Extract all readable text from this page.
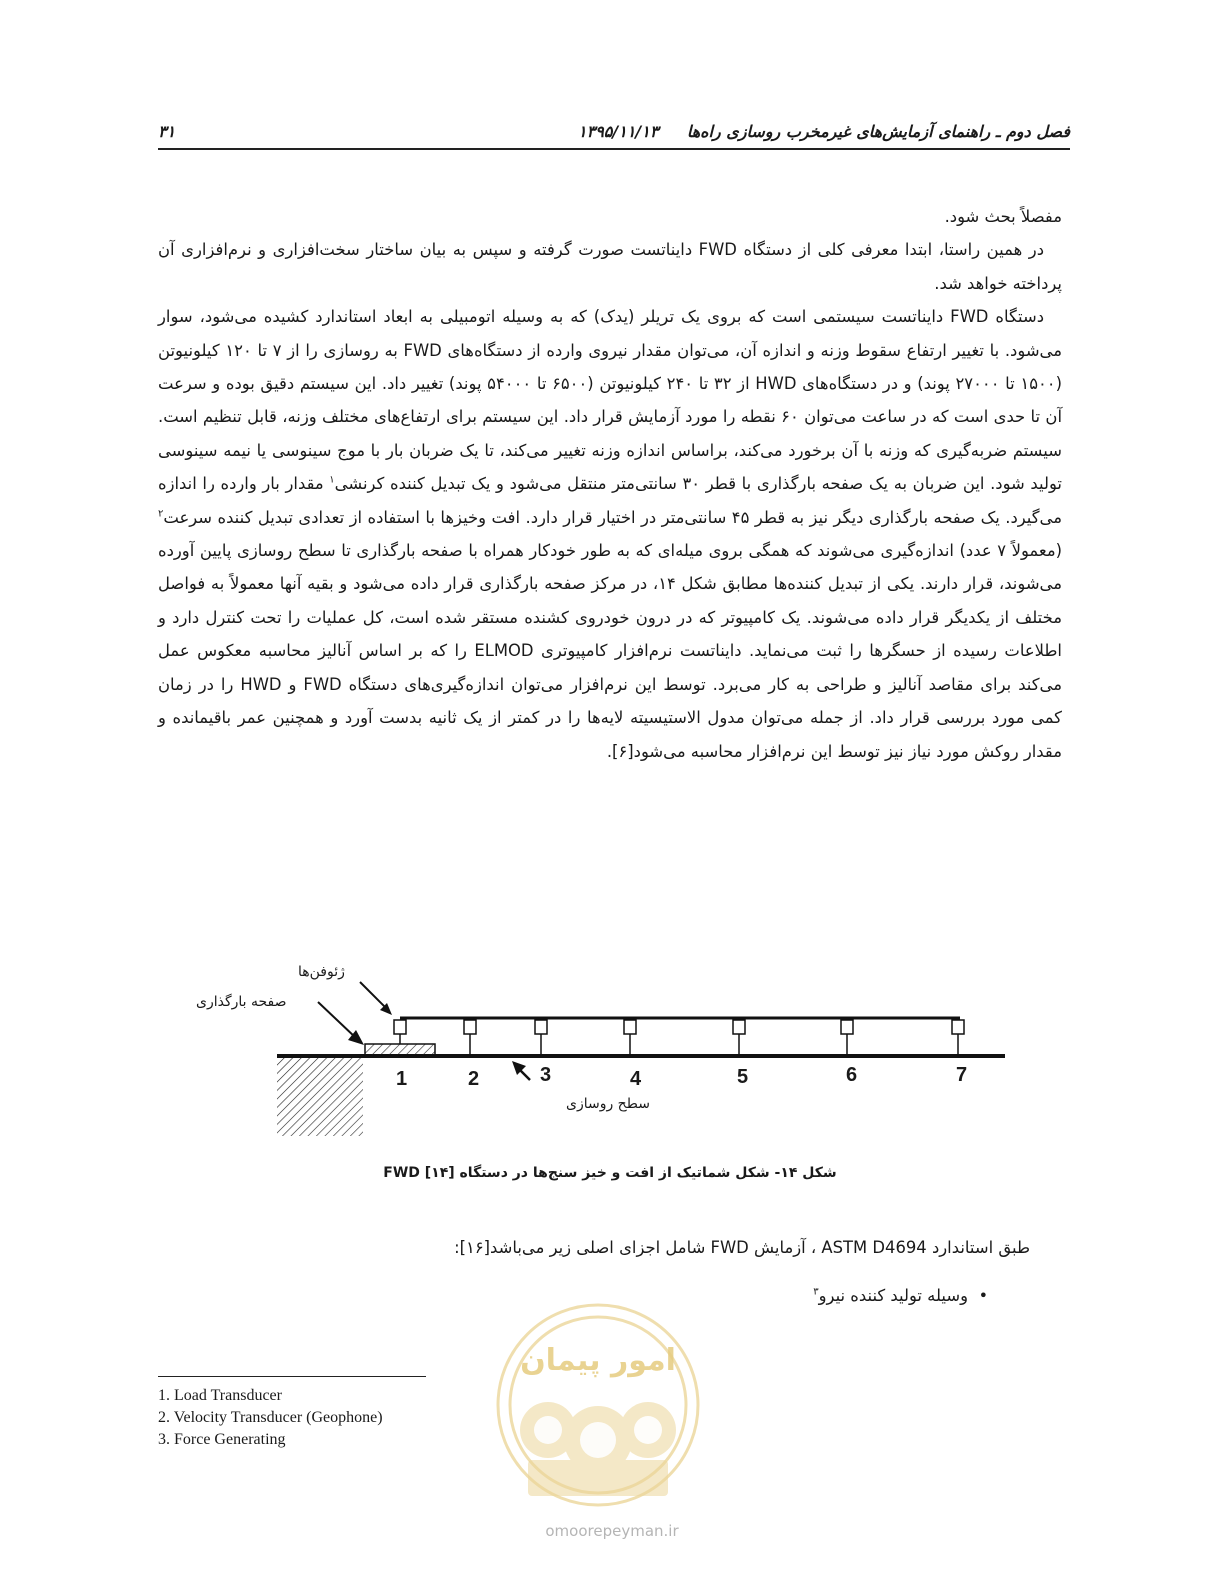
فصل دوم ـ راهنمای آزمایش‌های غیرمخرب روسازی راه‌ها
۱۳۹۵/۱۱/۱۳
۳۱

مفصلاً بحث شود.

در همین راستا، ابتدا معرفی کلی از دستگاه FWD دایناتست صورت گرفته و سپس به بیان ساختار سخت‌افزاری و نرم‌افزاری آن پرداخته خواهد شد.

دستگاه FWD دایناتست سیستمی است که بروی یک تریلر (یدک) که به وسیله اتومبیلی به ابعاد استاندارد کشیده می‌شود، سوار می‌شود. با تغییر ارتفاع سقوط وزنه و اندازه آن، می‌توان مقدار نیروی وارده از دستگاه‌های FWD به روسازی را از ۷ تا ۱۲۰ کیلونیوتن (۱۵۰۰ تا ۲۷۰۰۰ پوند) و در دستگاه‌های HWD از ۳۲ تا ۲۴۰ کیلونیوتن (۶۵۰۰ تا ۵۴۰۰۰ پوند) تغییر داد. این سیستم دقیق بوده و سرعت آن تا حدی است که در ساعت می‌توان ۶۰ نقطه را مورد آزمایش قرار داد. این سیستم برای ارتفاع‌های مختلف وزنه، قابل تنظیم است. سیستم ضربه‌گیری که وزنه با آن برخورد می‌کند، براساس اندازه وزنه تغییر می‌کند، تا یک ضربان بار با موج سینوسی یا نیمه سینوسی تولید شود. این ضربان به یک صفحه بارگذاری با قطر ۳۰ سانتی‌متر منتقل می‌شود و یک تبدیل کننده کرنشی$^۱$ مقدار بار وارده را اندازه می‌گیرد. یک صفحه بارگذاری دیگر نیز به قطر ۴۵ سانتی‌متر در اختیار قرار دارد. افت وخیزها با استفاده از تعدادی تبدیل کننده سرعت$^۲$ (معمولاً ۷ عدد) اندازه‌گیری می‌شوند که همگی بروی میله‌ای که به طور خودکار همراه با صفحه بارگذاری تا سطح روسازی پایین آورده می‌شوند، قرار دارند. یکی از تبدیل کننده‌ها مطابق شکل ۱۴، در مرکز صفحه بارگذاری قرار داده می‌شود و بقیه آنها معمولاً به فواصل مختلف از یکدیگر قرار داده می‌شوند. یک کامپیوتر که در درون خودروی کشنده مستقر شده است، کل عملیات را تحت کنترل دارد و اطلاعات رسیده از حسگرها را ثبت می‌نماید. دایناتست نرم‌افزار کامپیوتری ELMOD را که بر اساس آنالیز محاسبه معکوس عمل می‌کند برای مقاصد آنالیز و طراحی به کار می‌برد. توسط این نرم‌افزار می‌توان اندازه‌گیری‌های دستگاه FWD و HWD را در زمان کمی مورد بررسی قرار داد. از جمله می‌توان مدول الاستیسیته لایه‌ها را در کمتر از یک ثانیه بدست آورد و همچنین عمر باقیمانده و مقدار روکش مورد نیاز نیز توسط این نرم‌افزار محاسبه می‌شود[۶].

ژئوفن‌ها
صفحه بارگذاری
سطح روسازی
1	2	3	4	5	6	7
شکل ۱۴- شکل شماتیک از افت و خیز سنج‌ها در دستگاه FWD [۱۴]
طبق استاندارد ASTM D4694 ، آزمایش FWD شامل اجزای اصلی زیر می‌باشد[۱۶]:
•
وسیله تولید کننده نیرو$^۳$
امور پیمان
omoorepeyman.ir
1. Load Transducer
2. Velocity Transducer (Geophone)
3. Force Generating
